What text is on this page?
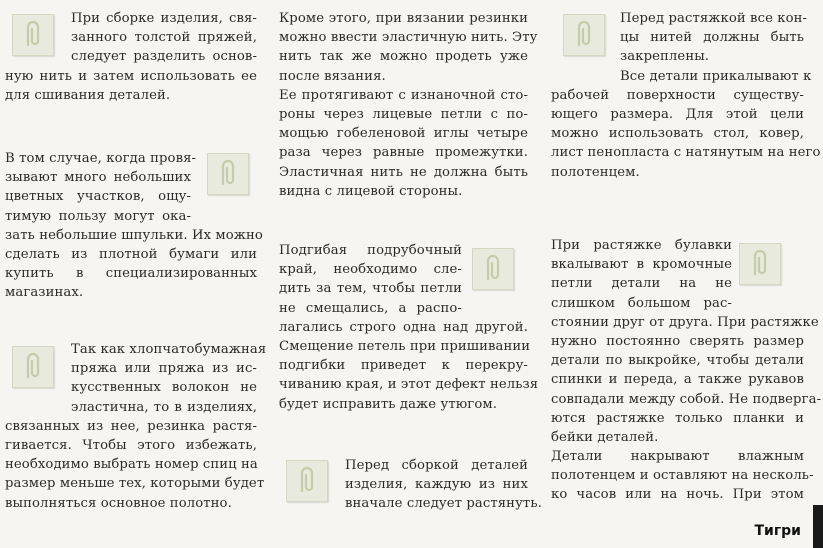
При сборке изделия, свя-
занного толстой пряжей,
следует разделить основ-
ную нить и затем использовать ее
для сшивания деталей.
В том случае, когда провя-
зывают много небольших
цветных участков, ощу-
тимую пользу могут ока-
зать небольшие шпульки. Их можно
сделать из плотной бумаги или
купить в специализированных
магазинах.
Так как хлопчатобумажная
пряжа или пряжа из ис-
кусственных волокон не
эластична, то в изделиях,
связанных из нее, резинка растя-
гивается. Чтобы этого избежать,
необходимо выбрать номер спиц на
размер меньше тех, которыми будет
выполняться основное полотно.
Кроме этого, при вязании резинки
можно ввести эластичную нить. Эту
нить так же можно продеть уже
после вязания.
Ее протягивают с изнаночной сто-
роны через лицевые петли с по-
мощью гобеленовой иглы четыре
раза через равные промежутки.
Эластичная нить не должна быть
видна с лицевой стороны.
Подгибая подрубочный
край, необходимо сле-
дить за тем, чтобы петли
не смещались, а распо-
лагались строго одна над другой.
Смещение петель при пришивании
подгибки приведет к перекру-
чиванию края, и этот дефект нельзя
будет исправить даже утюгом.
Перед сборкой деталей
изделия, каждую из них
вначале следует растянуть.
Перед растяжкой все кон-
цы нитей должны быть
закреплены.
Все детали прикалывают к
рабочей поверхности существу-
ющего размера. Для этой цели
можно использовать стол, ковер,
лист пенопласта с натянутым на него
полотенцем.
При растяжке булавки
вкалывают в кромочные
петли детали на не
слишком большом рас-
стоянии друг от друга. При растяжке
нужно постоянно сверять размер
детали по выкройке, чтобы детали
спинки и переда, а также рукавов
совпадали между собой. Не подверга-
ются растяжке только планки и
бейки деталей.
Детали накрывают влажным
полотенцем и оставляют на несколь-
ко часов или на ночь. При этом
Тигри
